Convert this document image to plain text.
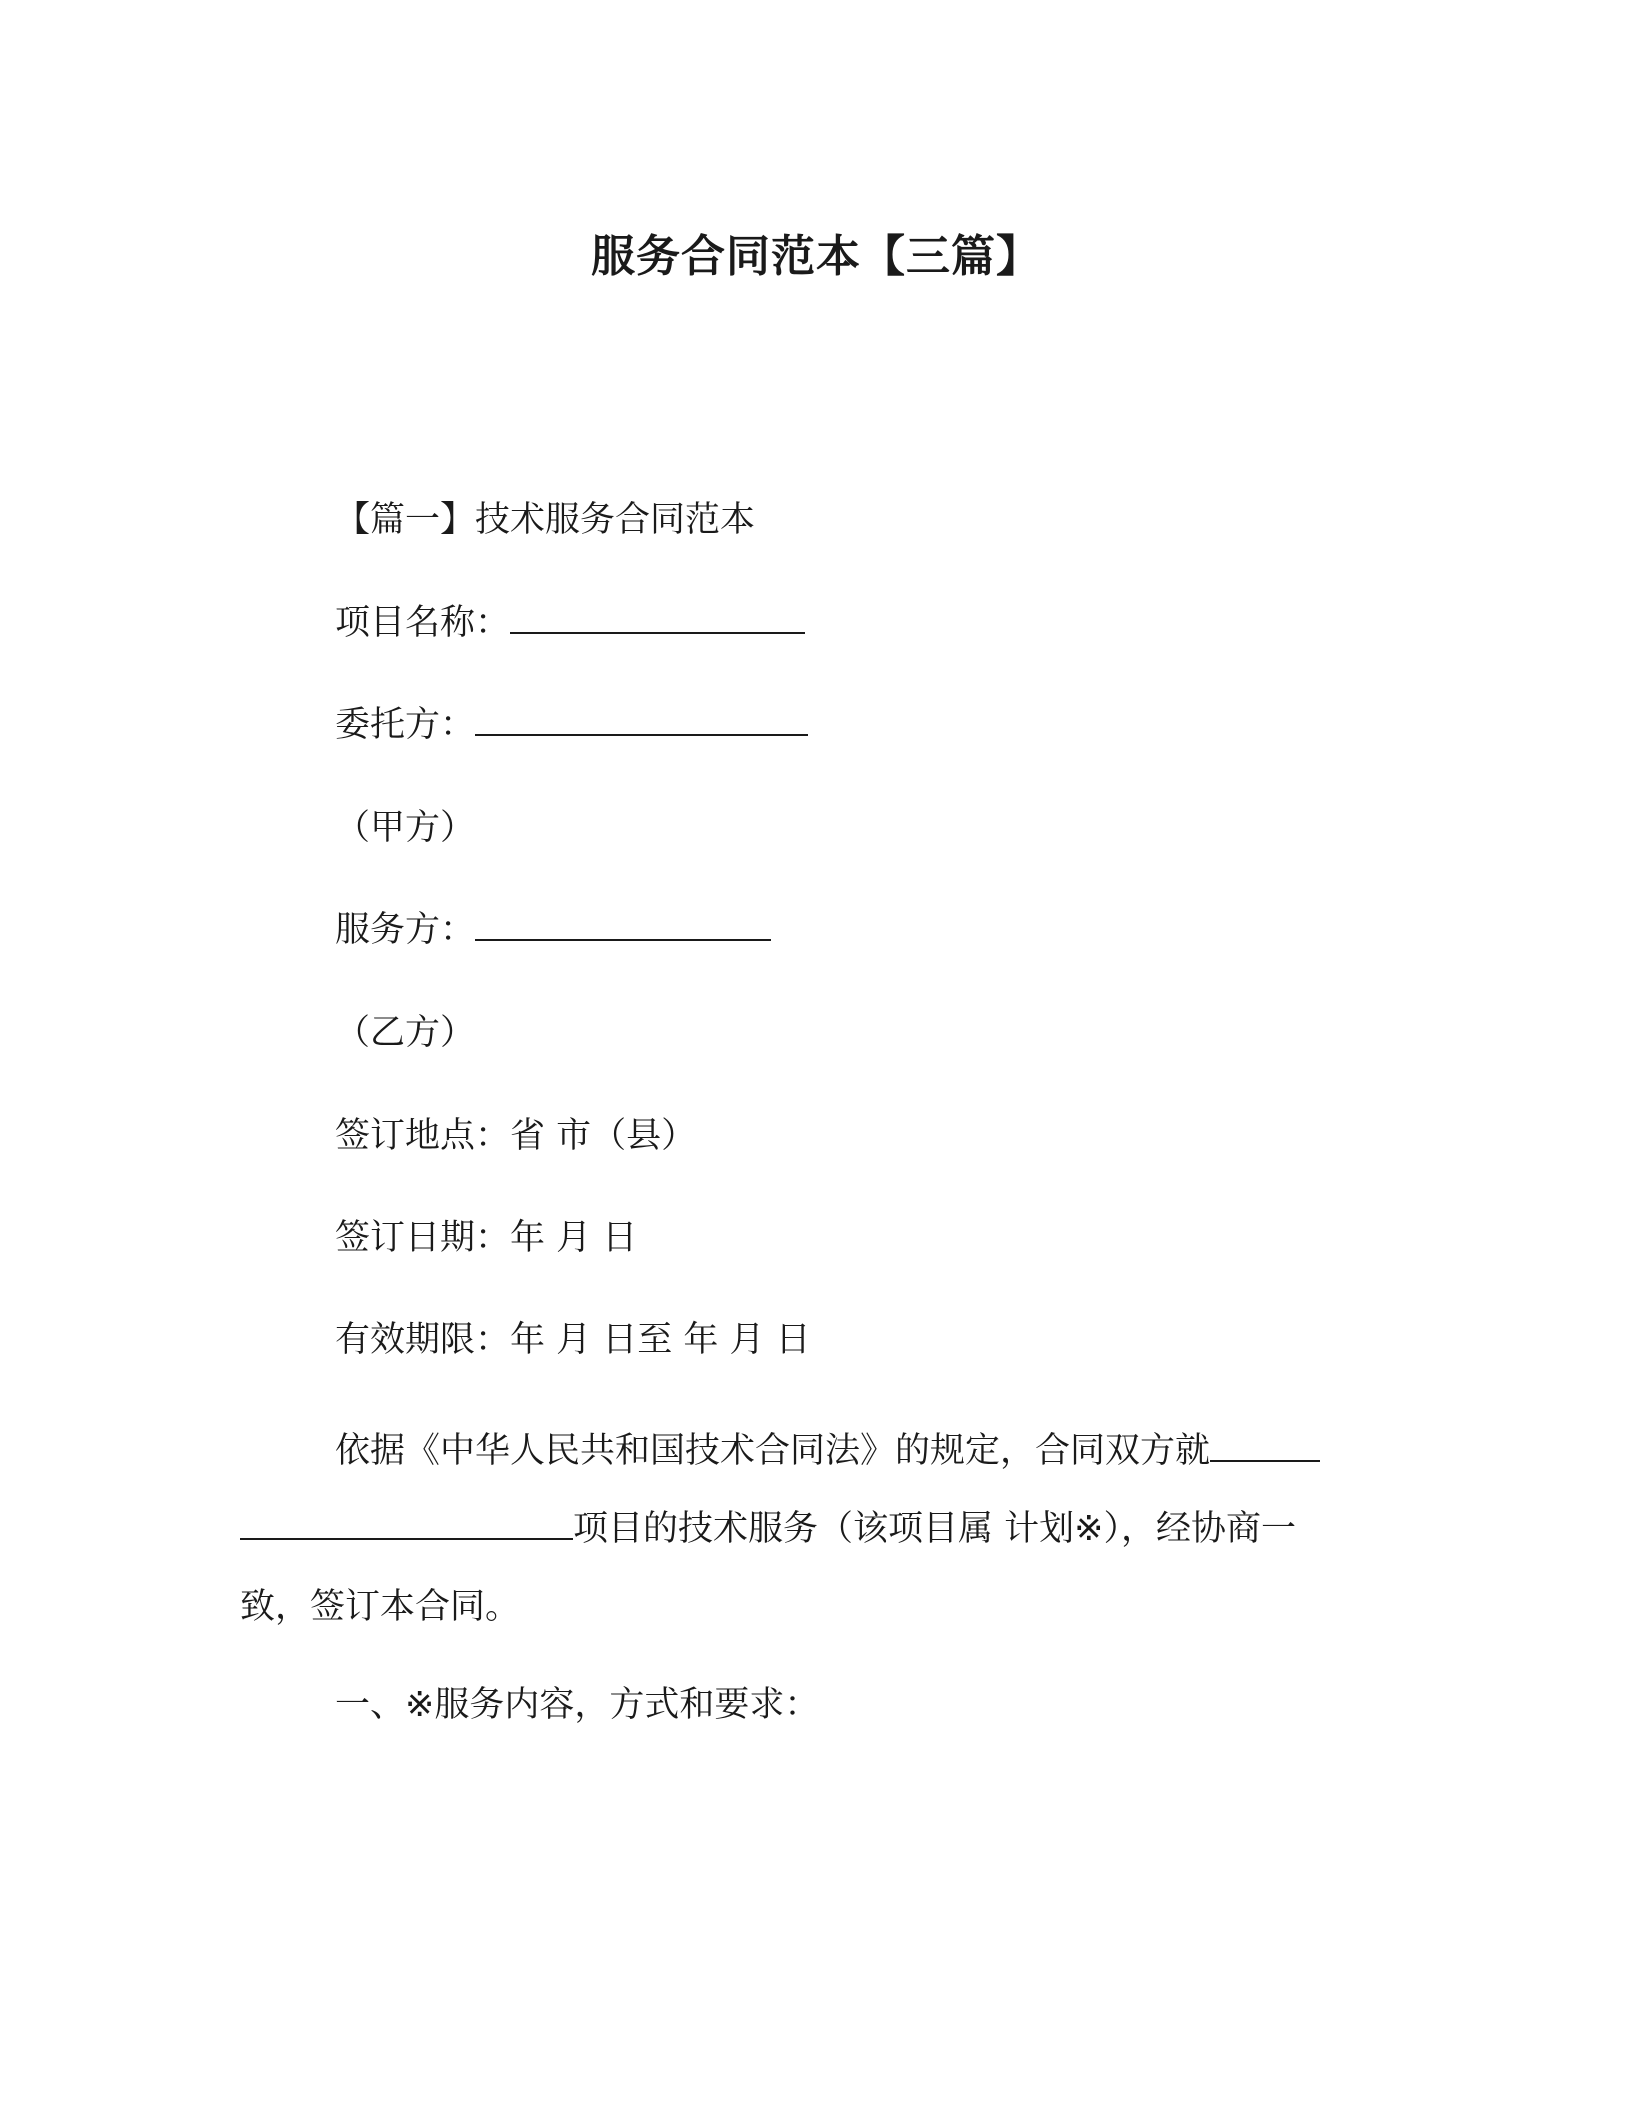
服务合同范本【三篇】
【篇一】技术服务合同范本
项目名称：
委托方：
（甲方）
服务方：
（乙方）
签订地点：省 市（县）
签订日期：年 月 日
有效期限：年 月 日至 年 月 日
依据《中华人民共和国技术合同法》的规定，合同双方就
项目的技术服务（该项目属 计划※），经协商一
致，签订本合同。
一、※服务内容，方式和要求：
